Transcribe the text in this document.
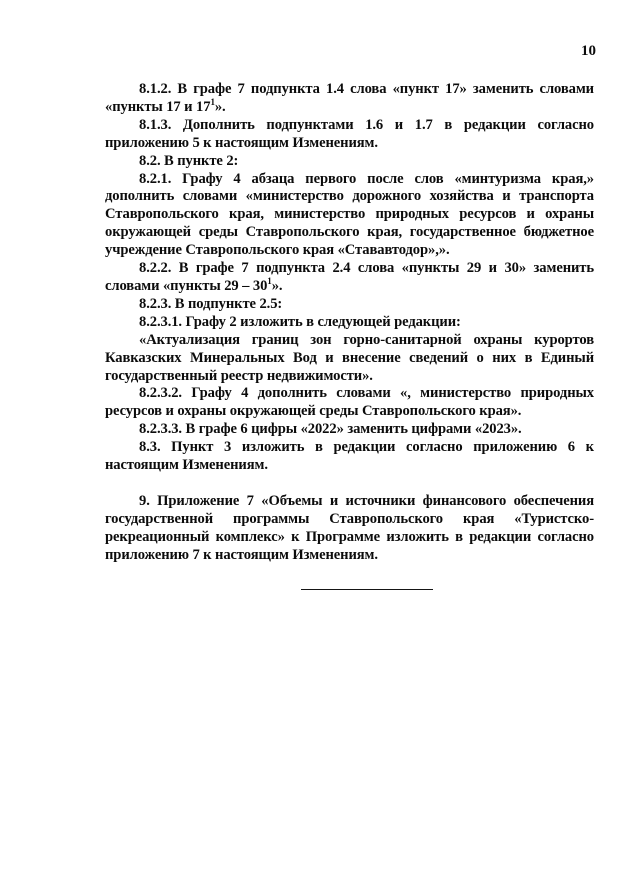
10

8.1.2. В графе 7 подпункта 1.4 слова «пункт 17» заменить словами «пункты 17 и $17^1$».

8.1.3. Дополнить подпунктами 1.6 и 1.7 в редакции согласно приложению 5 к настоящим Изменениям.

8.2. В пункте 2:

8.2.1. Графу 4 абзаца первого после слов «минтуризма края,» дополнить словами «министерство дорожного хозяйства и транспорта Ставропольского края, министерство природных ресурсов и охраны окружающей среды Ставропольского края, государственное бюджетное учреждение Ставропольского края «Стававтодор»,».

8.2.2. В графе 7 подпункта 2.4 слова «пункты 29 и 30» заменить словами «пункты $29 - 30^1$».

8.2.3. В подпункте 2.5:

8.2.3.1. Графу 2 изложить в следующей редакции:

«Актуализация границ зон горно-санитарной охраны курортов Кавказских Минеральных Вод и внесение сведений о них в Единый государственный реестр недвижимости».

8.2.3.2. Графу 4 дополнить словами «, министерство природных ресурсов и охраны окружающей среды Ставропольского края».

8.2.3.3. В графе 6 цифры «2022» заменить цифрами «2023».

8.3. Пункт 3 изложить в редакции согласно приложению 6 к настоящим Изменениям.

9. Приложение 7 «Объемы и источники финансового обеспечения государственной программы Ставропольского края «Туристско-рекреационный комплекс» к Программе изложить в редакции согласно приложению 7 к настоящим Изменениям.
